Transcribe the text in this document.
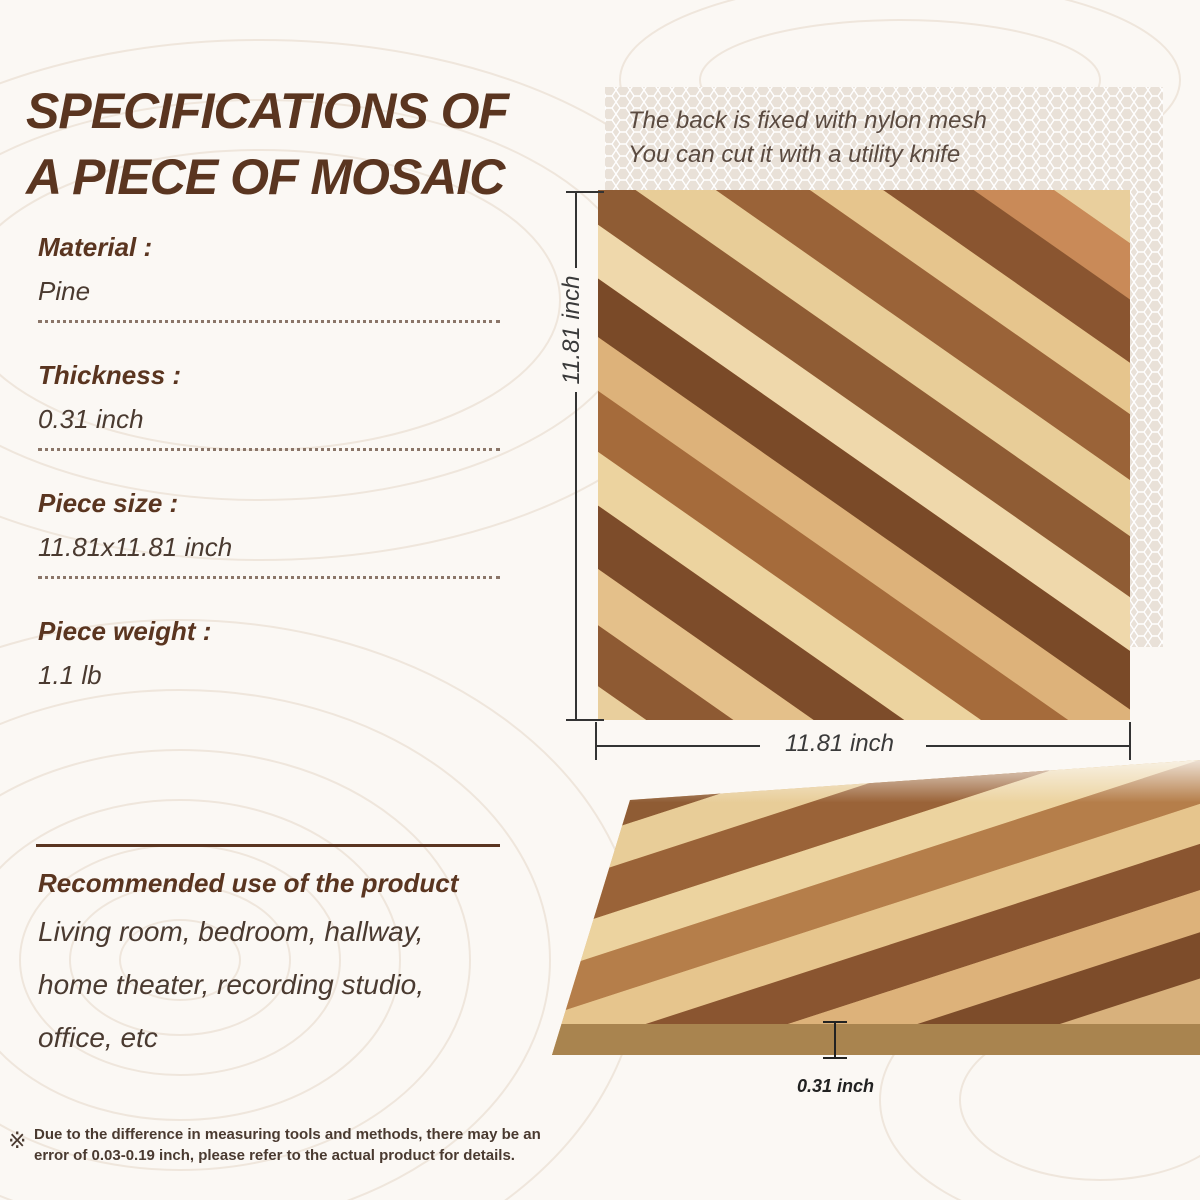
SPECIFICATIONS OF
A PIECE OF MOSAIC
Material :
Pine
Thickness :
0.31 inch
Piece size :
11.81x11.81 inch
Piece weight :
1.1 lb
Recommended use of the product
Living room, bedroom, hallway,
home theater, recording studio,
office, etc
※ Due to the difference in measuring tools and methods, there may be an error of 0.03-0.19 inch, please refer to the actual product for details.
The back is fixed with nylon mesh
You can cut it with a utility knife
11.81 inch
11.81 inch
0.31 inch
